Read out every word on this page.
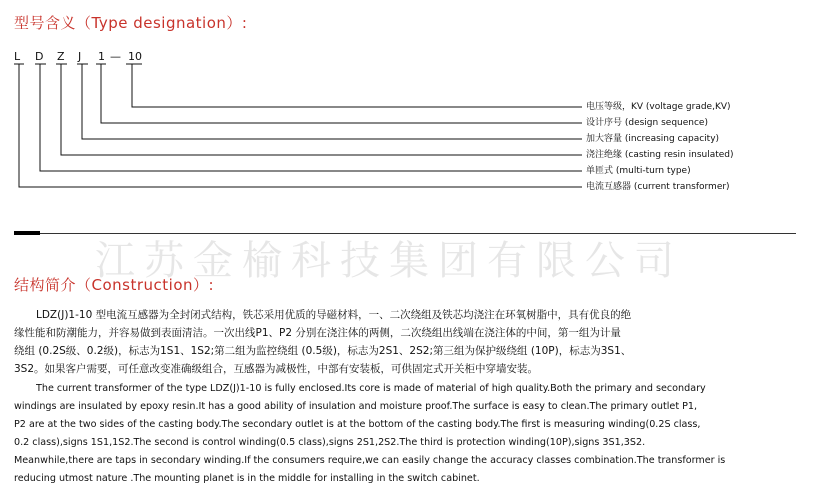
型号含义（Type designation）:
L D Z J 1 — 10
电压等级，KV (voltage grade,KV)
设计序号 (design sequence)
加大容量 (increasing capacity)
浇注绝缘 (casting resin insulated)
单匝式 (multi-turn type)
电流互感器 (current transformer)
江苏金榆科技集团有限公司
结构简介（Construction）:
LDZ(J)1-10 型电流互感器为全封闭式结构，铁芯采用优质的导磁材料，一、二次绕组及铁芯均浇注在环氧树脂中，具有优良的绝
缘性能和防潮能力，并容易做到表面清洁。一次出线P1、P2 分别在浇注体的两侧，二次绕组出线端在浇注体的中间，第一组为计量
绕组 (0.2S级、0.2级)，标志为1S1、1S2;第二组为监控绕组 (0.5级)，标志为2S1、2S2;第三组为保护级绕组 (10P)，标志为3S1、
3S2。如果客户需要，可任意改变准确级组合，互感器为减极性，中部有安装板，可供固定式开关柜中穿墙安装。
The current transformer of the type LDZ(J)1-10 is fully enclosed.Its core is made of material of high quality.Both the primary and secondary
windings are insulated by epoxy resin.It has a good ability of insulation and moisture proof.The surface is easy to clean.The primary outlet P1,
P2 are at the two sides of the casting body.The secondary outlet is at the bottom of the casting body.The first is measuring winding(0.2S class,
0.2 class),signs 1S1,1S2.The second is control winding(0.5 class),signs 2S1,2S2.The third is protection winding(10P),signs 3S1,3S2.
Meanwhile,there are taps in secondary winding.If the consumers require,we can easily change the accuracy classes combination.The transformer is
reducing utmost nature .The mounting planet is in the middle for installing in the switch cabinet.
